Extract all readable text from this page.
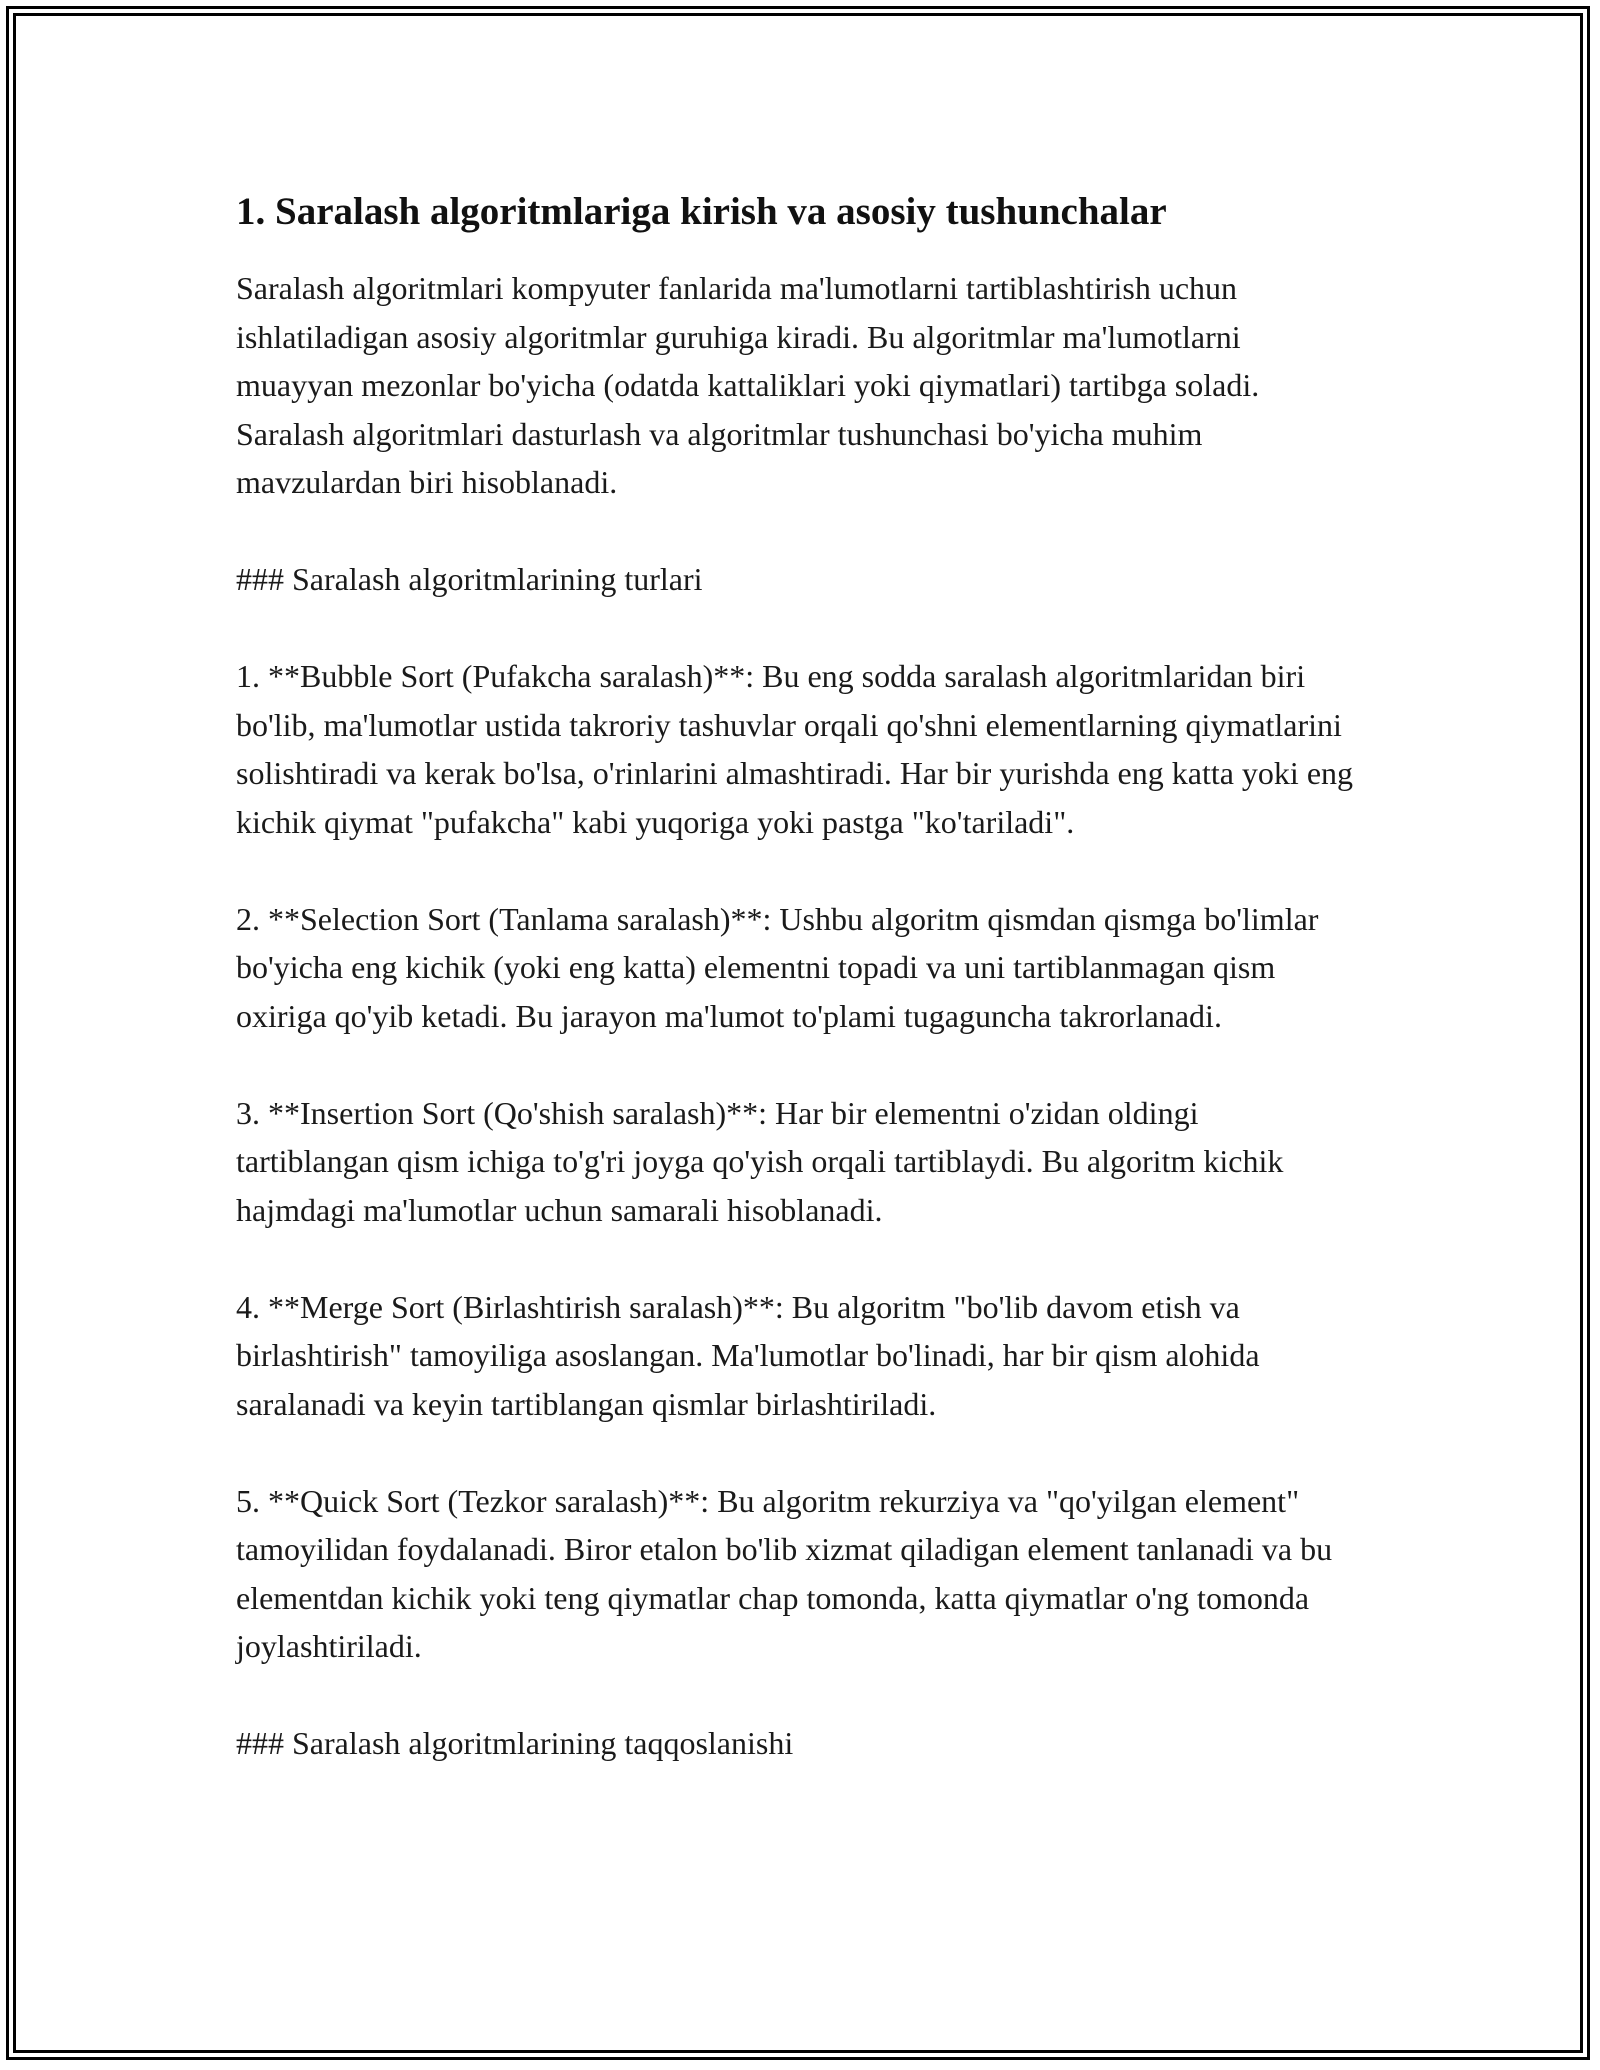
1. Saralash algoritmlariga kirish va asosiy tushunchalar

Saralash algoritmlari kompyuter fanlarida ma'lumotlarni tartiblashtirish uchun ishlatiladigan asosiy algoritmlar guruhiga kiradi. Bu algoritmlar ma'lumotlarni muayyan mezonlar bo'yicha (odatda kattaliklari yoki qiymatlari) tartibga soladi. Saralash algoritmlari dasturlash va algoritmlar tushunchasi bo'yicha muhim mavzulardan biri hisoblanadi.

### Saralash algoritmlarining turlari

1. **Bubble Sort (Pufakcha saralash)**: Bu eng sodda saralash algoritmlaridan biri bo'lib, ma'lumotlar ustida takroriy tashuvlar orqali qo'shni elementlarning qiymatlarini solishtiradi va kerak bo'lsa, o'rinlarini almashtiradi. Har bir yurishda eng katta yoki eng kichik qiymat "pufakcha" kabi yuqoriga yoki pastga "ko'tariladi".

2. **Selection Sort (Tanlama saralash)**: Ushbu algoritm qismdan qismga bo'limlar bo'yicha eng kichik (yoki eng katta) elementni topadi va uni tartiblanmagan qism oxiriga qo'yib ketadi. Bu jarayon ma'lumot to'plami tugaguncha takrorlanadi.

3. **Insertion Sort (Qo'shish saralash)**: Har bir elementni o'zidan oldingi tartiblangan qism ichiga to'g'ri joyga qo'yish orqali tartiblaydi. Bu algoritm kichik hajmdagi ma'lumotlar uchun samarali hisoblanadi.

4. **Merge Sort (Birlashtirish saralash)**: Bu algoritm "bo'lib davom etish va birlashtirish" tamoyiliga asoslangan. Ma'lumotlar bo'linadi, har bir qism alohida saralanadi va keyin tartiblangan qismlar birlashtiriladi.

5. **Quick Sort (Tezkor saralash)**: Bu algoritm rekurziya va "qo'yilgan element" tamoyilidan foydalanadi. Biror etalon bo'lib xizmat qiladigan element tanlanadi va bu elementdan kichik yoki teng qiymatlar chap tomonda, katta qiymatlar o'ng tomonda joylashtiriladi.

### Saralash algoritmlarining taqqoslanishi
